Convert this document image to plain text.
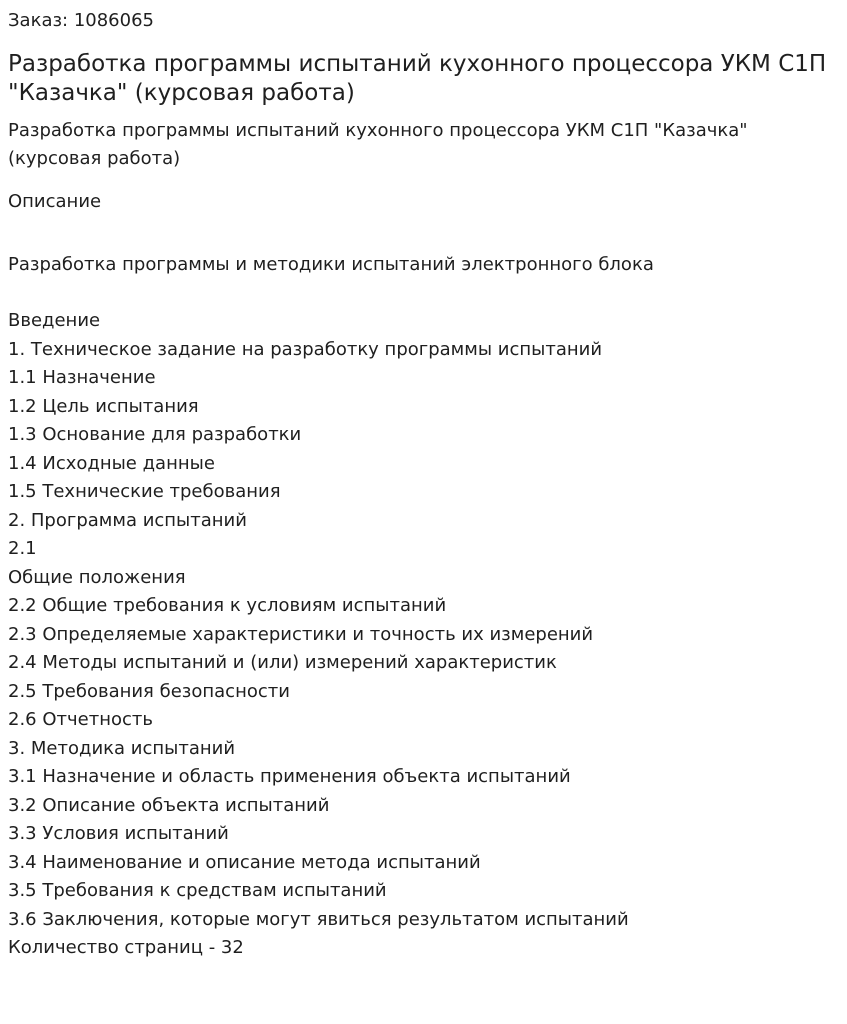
Заказ: 1086065

Разработка программы испытаний кухонного процессора УКМ С1П "Казачка" (курсовая работа)

Разработка программы испытаний кухонного процессора УКМ С1П "Казачка" (курсовая работа)

Описание

Разработка программы и методики испытаний электронного блока

Введение
1. Техническое задание на разработку программы испытаний
1.1 Назначение
1.2 Цель испытания
1.3 Основание для разработки
1.4 Исходные данные
1.5 Технические требования
2. Программа испытаний
2.1
Общие положения
2.2 Общие требования к условиям испытаний
2.3 Определяемые характеристики и точность их измерений
2.4 Методы испытаний и (или) измерений характеристик
2.5 Требования безопасности
2.6 Отчетность
3. Методика испытаний
3.1 Назначение и область применения объекта испытаний
3.2 Описание объекта испытаний
3.3 Условия испытаний
3.4 Наименование и описание метода испытаний
3.5 Требования к средствам испытаний
3.6 Заключения, которые могут явиться результатом испытаний
Количество страниц - 32
